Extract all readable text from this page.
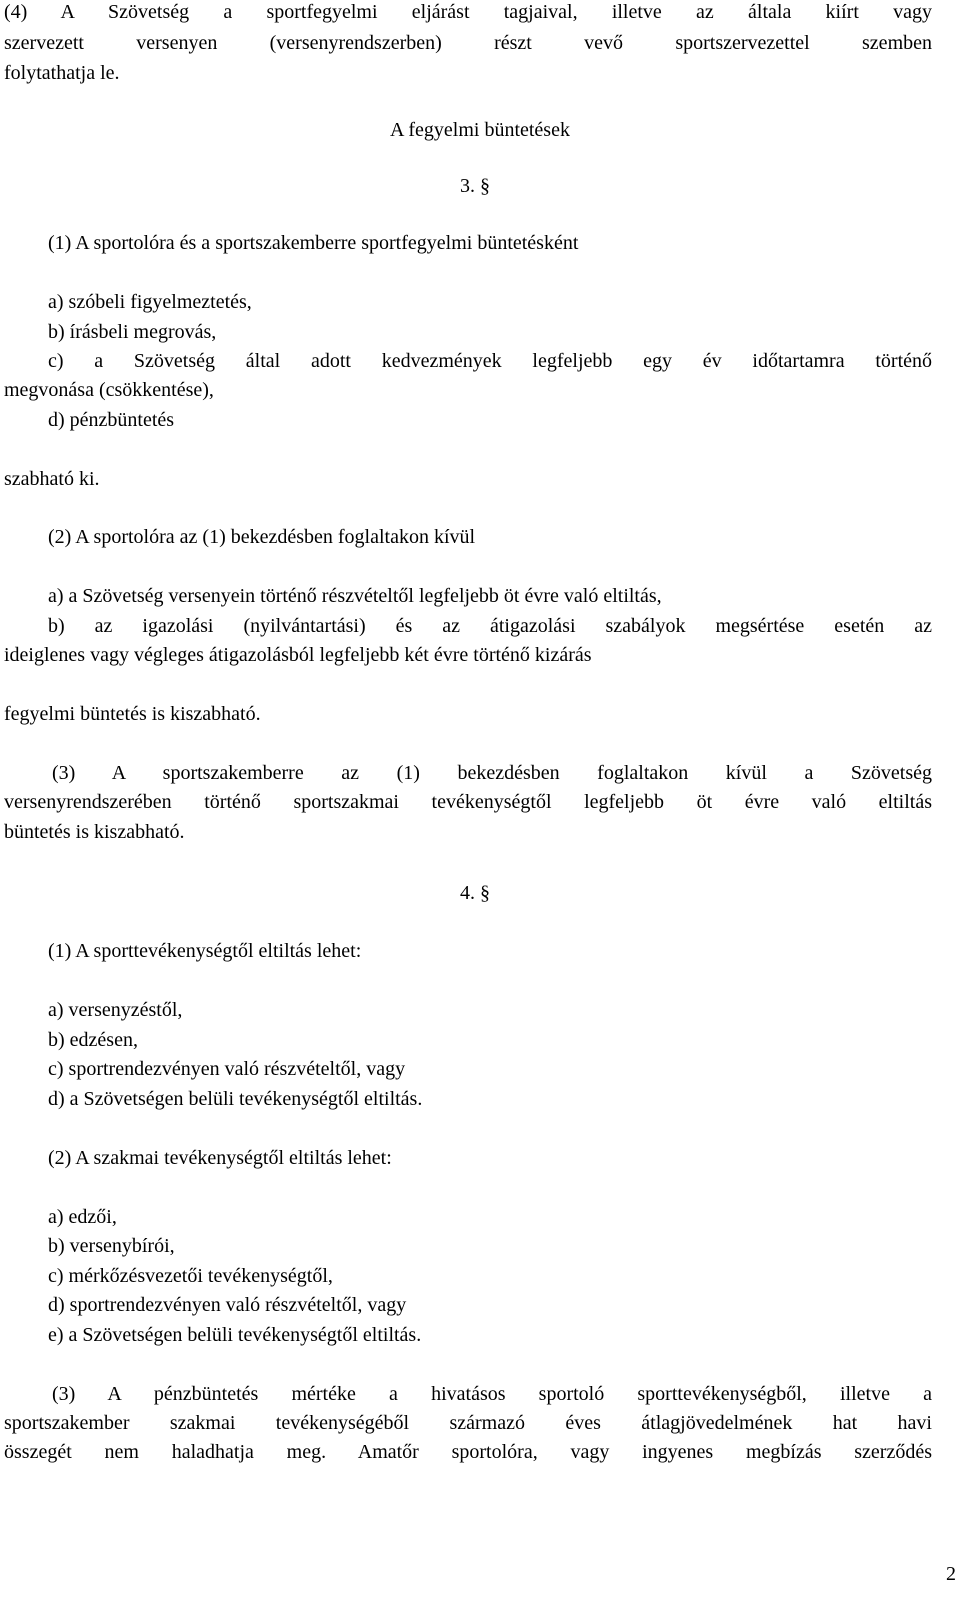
(4) A Szövetség a sportfegyelmi eljárást tagjaival, illetve az általa kiírt vagy
szervezett versenyen (versenyrendszerben) részt vevő sportszervezettel szemben
folytathatja le.
A fegyelmi büntetések
3. §
(1) A sportolóra és a sportszakemberre sportfegyelmi büntetésként
a) szóbeli figyelmeztetés,
b) írásbeli megrovás,
c) a Szövetség által adott kedvezmények legfeljebb egy év időtartamra történő
megvonása (csökkentése),
d) pénzbüntetés
szabható ki.
(2) A sportolóra az (1) bekezdésben foglaltakon kívül
a) a Szövetség versenyein történő részvételtől legfeljebb öt évre való eltiltás,
b) az igazolási (nyilvántartási) és az átigazolási szabályok megsértése esetén az
ideiglenes vagy végleges átigazolásból legfeljebb két évre történő kizárás
fegyelmi büntetés is kiszabható.
(3) A sportszakemberre az (1) bekezdésben foglaltakon kívül a Szövetség
versenyrendszerében történő sportszakmai tevékenységtől legfeljebb öt évre való eltiltás
büntetés is kiszabható.
4. §
(1) A sporttevékenységtől eltiltás lehet:
a) versenyzéstől,
b) edzésen,
c) sportrendezvényen való részvételtől, vagy
d) a Szövetségen belüli tevékenységtől eltiltás.
(2) A szakmai tevékenységtől eltiltás lehet:
a) edzői,
b) versenybírói,
c) mérkőzésvezetői tevékenységtől,
d) sportrendezvényen való részvételtől, vagy
e) a Szövetségen belüli tevékenységtől eltiltás.
(3) A pénzbüntetés mértéke a hivatásos sportoló sporttevékenységből, illetve a
sportszakember szakmai tevékenységéből származó éves átlagjövedelmének hat havi
összegét nem haladhatja meg. Amatőr sportolóra, vagy ingyenes megbízás szerződés
2
